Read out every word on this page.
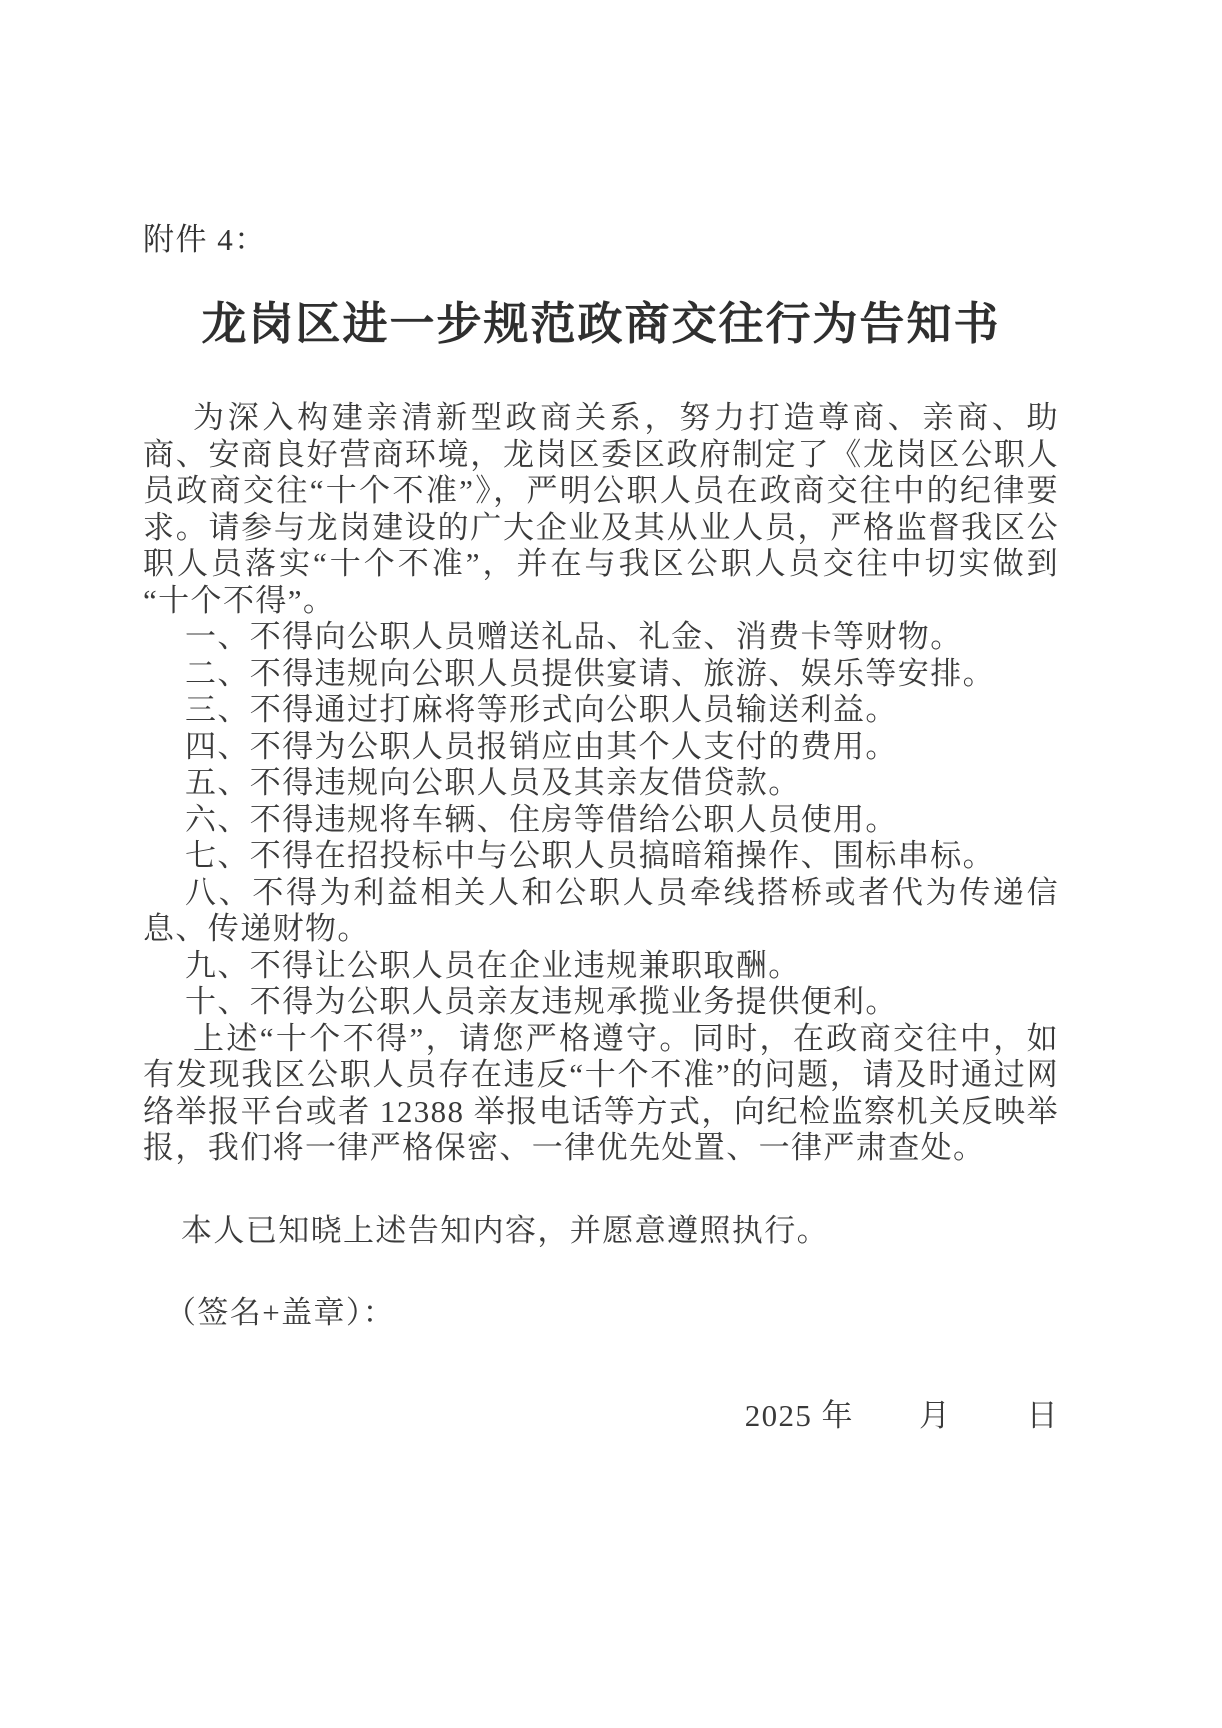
附件 4：
龙岗区进一步规范政商交往行为告知书

为深入构建亲清新型政商关系，努力打造尊商、亲商、助商、安商良好营商环境，龙岗区委区政府制定了《龙岗区公职人员政商交往“十个不准”》，严明公职人员在政商交往中的纪律要求。请参与龙岗建设的广大企业及其从业人员，严格监督我区公职人员落实“十个不准”，并在与我区公职人员交往中切实做到“十个不得”。

一、不得向公职人员赠送礼品、礼金、消费卡等财物。

二、不得违规向公职人员提供宴请、旅游、娱乐等安排。

三、不得通过打麻将等形式向公职人员输送利益。

四、不得为公职人员报销应由其个人支付的费用。

五、不得违规向公职人员及其亲友借贷款。

六、不得违规将车辆、住房等借给公职人员使用。

七、不得在招投标中与公职人员搞暗箱操作、围标串标。

八、不得为利益相关人和公职人员牵线搭桥或者代为传递信息、传递财物。

九、不得让公职人员在企业违规兼职取酬。

十、不得为公职人员亲友违规承揽业务提供便利。

上述“十个不得”，请您严格遵守。同时，在政商交往中，如有发现我区公职人员存在违反“十个不准”的问题，请及时通过网络举报平台或者 12388 举报电话等方式，向纪检监察机关反映举报，我们将一律严格保密、一律优先处置、一律严肃查处。

本人已知晓上述告知内容，并愿意遵照执行。

（签名+盖章）：

2025 年 月 日
